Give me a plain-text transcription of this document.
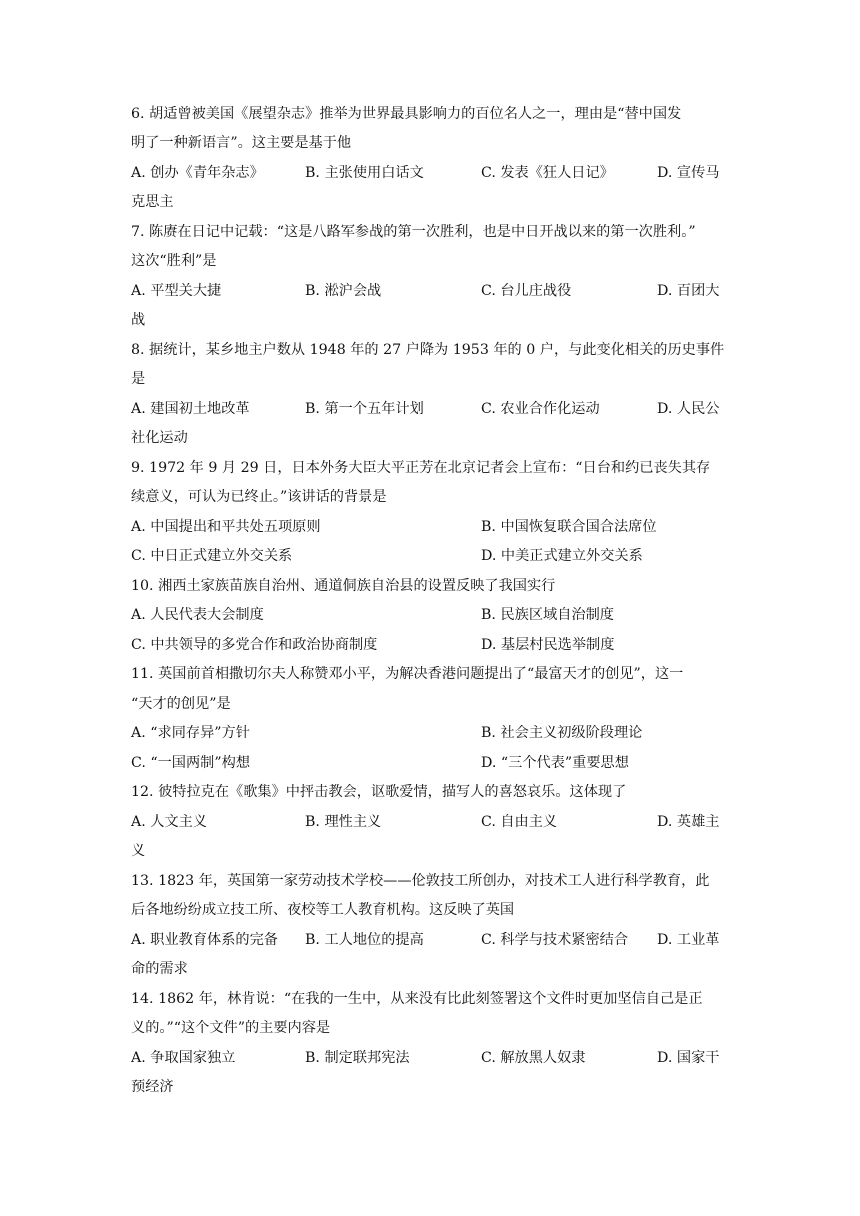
6. 胡适曾被美国《展望杂志》推举为世界最具影响力的百位名人之一，理由是“替中国发
明了一种新语言”。这主要是基于他
A. 创办《青年杂志》	B. 主张使用白话文	C. 发表《狂人日记》	D. 宣传马
克思主
7. 陈赓在日记中记载：“这是八路军参战的第一次胜利，也是中日开战以来的第一次胜利。”
这次“胜利”是
A. 平型关大捷	B. 淞沪会战	C. 台儿庄战役	D. 百团大
战
8. 据统计，某乡地主户数从 1948 年的 27 户降为 1953 年的 0 户，与此变化相关的历史事件
是
A. 建国初土地改革	B. 第一个五年计划	C. 农业合作化运动	D. 人民公
社化运动
9. 1972 年 9 月 29 日，日本外务大臣大平正芳在北京记者会上宣布：“日台和约已丧失其存
续意义，可认为已终止。”该讲话的背景是
A. 中国提出和平共处五项原则	B. 中国恢复联合国合法席位
C. 中日正式建立外交关系	D. 中美正式建立外交关系
10. 湘西土家族苗族自治州、通道侗族自治县的设置反映了我国实行
A. 人民代表大会制度	B. 民族区域自治制度
C. 中共领导的多党合作和政治协商制度	D. 基层村民选举制度
11. 英国前首相撒切尔夫人称赞邓小平，为解决香港问题提出了“最富天才的创见”，这一
“天才的创见”是
A. “求同存异”方针	B. 社会主义初级阶段理论
C. “一国两制”构想	D. “三个代表”重要思想
12. 彼特拉克在《歌集》中抨击教会，讴歌爱情，描写人的喜怒哀乐。这体现了
A. 人文主义	B. 理性主义	C. 自由主义	D. 英雄主
义
13. 1823 年，英国第一家劳动技术学校——伦敦技工所创办，对技术工人进行科学教育，此
后各地纷纷成立技工所、夜校等工人教育机构。这反映了英国
A. 职业教育体系的完备 B. 工人地位的提高	C. 科学与技术紧密结合 D. 工业革
命的需求
14. 1862 年，林肯说：“在我的一生中，从来没有比此刻签署这个文件时更加坚信自己是正
义的。”“这个文件”的主要内容是
A. 争取国家独立	B. 制定联邦宪法	C. 解放黑人奴隶	D. 国家干
预经济
